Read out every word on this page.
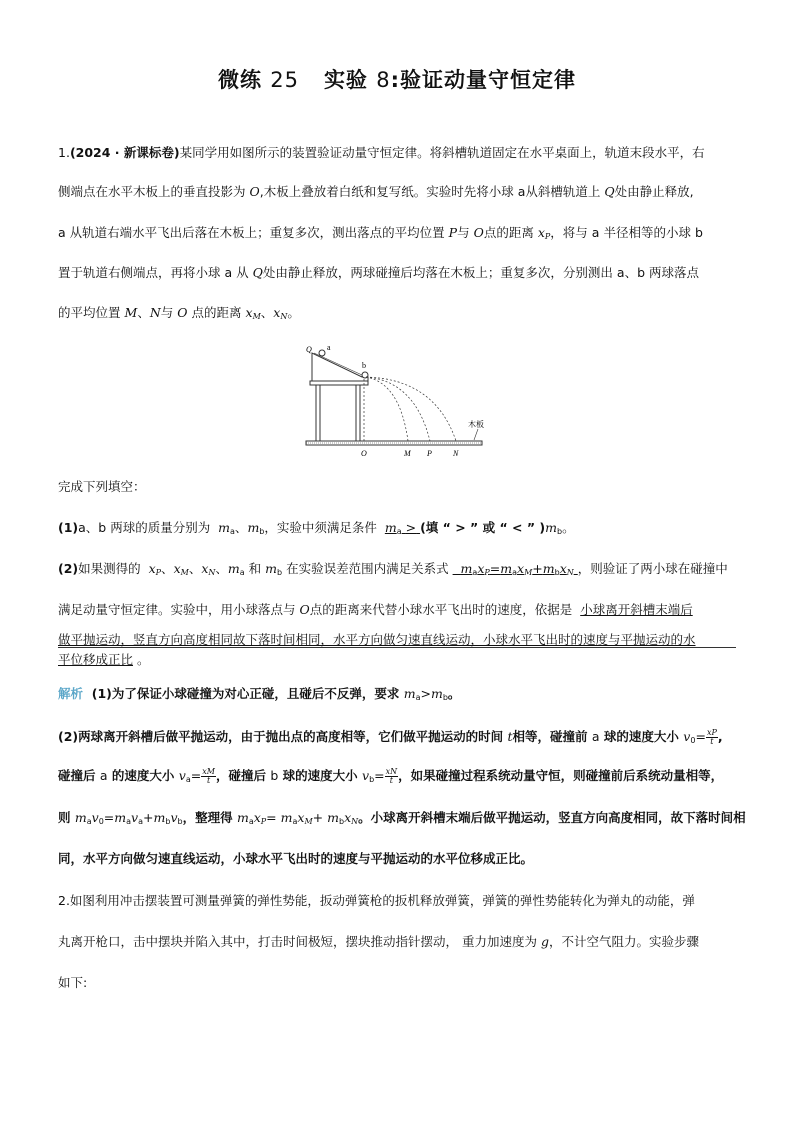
微练 25 实验 8:验证动量守恒定律
1.(2024 · 新课标卷)某同学用如图所示的装置验证动量守恒定律。将斜槽轨道固定在水平桌面上，轨道末段水平，右
侧端点在水平木板上的垂直投影为 O,木板上叠放着白纸和复写纸。实验时先将小球 a从斜槽轨道上 Q处由静止释放,
a 从轨道右端水平飞出后落在木板上；重复多次，测出落点的平均位置 P与 O点的距离 $x_P$，将与 a 半径相等的小球 b
置于轨道右侧端点，再将小球 a 从 Q处由静止释放，两球碰撞后均落在木板上；重复多次，分别测出 a、b 两球落点
的平均位置 M、N与 O 点的距离 $x_M$、$x_N$。
Q a
b
木板
O	M P	N
完成下列填空：
(1)a、b 两球的质量分别为 $m_a$、$m_b$，实验中须满足条件 $m_a$ > (填 “ > ” 或 “ < ” )$m_b$。
(2)如果测得的 $x_P$、$x_M$、$x_N$、$m_a$ 和 $m_b$ 在实验误差范围内满足关系式 $m_ax_P=m_ax_M+m_bx_N$ ，则验证了两小球在碰撞中
满足动量守恒定律。实验中，用小球落点与 O点的距离来代替小球水平飞出时的速度，依据是 小球离开斜槽末端后
做平抛运动，竖直方向高度相同故下落时间相同，水平方向做匀速直线运动，小球水平飞出时的速度与平抛运动的水
平位移成正比 。
解析 (1)为了保证小球碰撞为对心正碰，且碰后不反弹，要求 $m_a>m_b$。
(2)两球离开斜槽后做平抛运动，由于抛出点的高度相等，它们做平抛运动的时间 t相等，碰撞前 a 球的速度大小 $v_0= \frac{xP}{t}$ ,
碰撞后 a 的速度大小 $v_a= \frac{xM}{t}$ ，碰撞后 b 球的速度大小 $v_b= \frac{xN}{t}$ ，如果碰撞过程系统动量守恒，则碰撞前后系统动量相等，
则 $m_av_0=m_av_a+m_bv_b$，整理得 $m_ax_P= m_ax_M+ m_bx_N$。小球离开斜槽末端后做平抛运动，竖直方向高度相同，故下落时间相
同，水平方向做匀速直线运动，小球水平飞出时的速度与平抛运动的水平位移成正比。
2.如图利用冲击摆装置可测量弹簧的弹性势能，扳动弹簧枪的扳机释放弹簧，弹簧的弹性势能转化为弹丸的动能，弹
丸离开枪口，击中摆块并陷入其中，打击时间极短，摆块推动指针摆动， 重力加速度为 g，不计空气阻力。实验步骤
如下:
